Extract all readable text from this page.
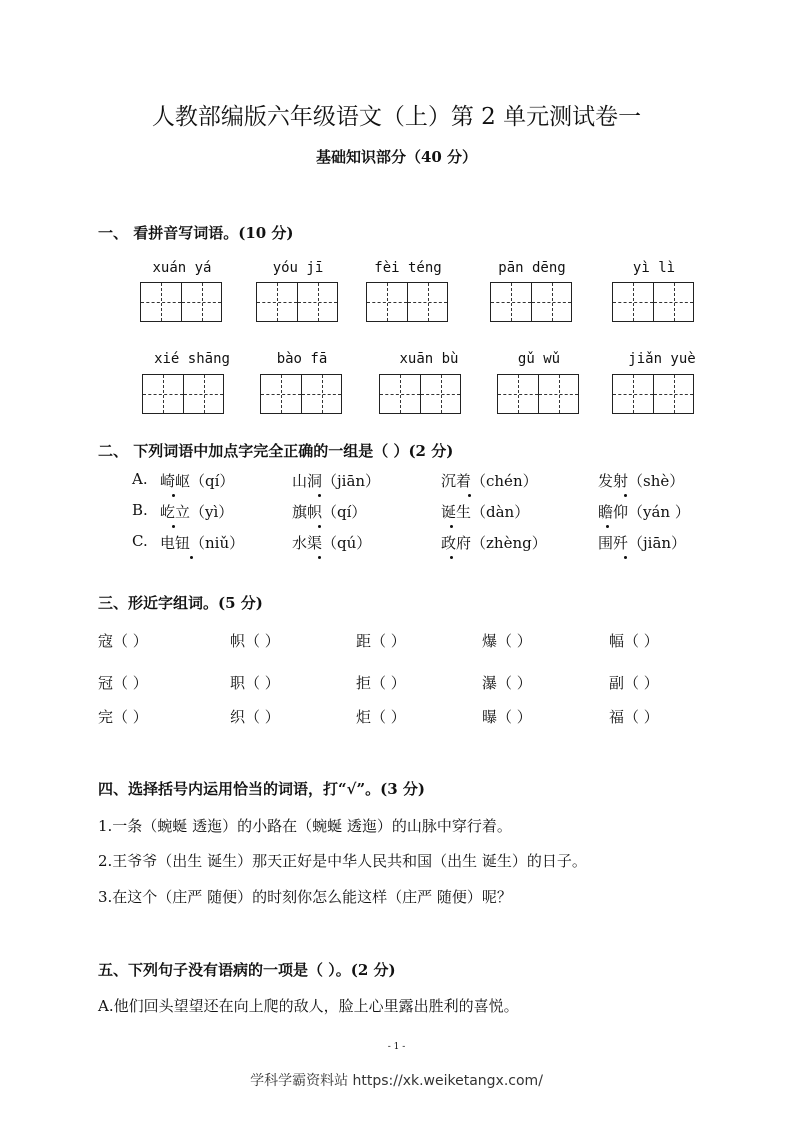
人教部编版六年级语文（上）第 2 单元测试卷一
基础知识部分（40 分）
一、 看拼音写词语。(10 分)
xuán yá	yóu jī	fèi téng	pān dēng	yì lì
xié shāng	bào fā	xuān bù	gǔ wǔ	jiǎn yuè
二、 下列词语中加点字完全正确的一组是（ ）(2 分)
A. 崎岖（qí）	山洞（jiān）	沉着（chén）	发射（shè）
B. 屹立（yì）	旗帜（qí）	诞生（dàn）	瞻仰（yán ）
C. 电钮（niǔ）	水渠（qú）	政府（zhèng）	围歼（jiān）
三、形近字组词。(5 分)
寇（ ）	帜（ ）	距（ ）	爆（ ）	幅（ ）
冠（ ）	职（ ）	拒（ ）	瀑（ ）	副（ ）
完（ ）	织（ ）	炬（ ）	曝（ ）	福（ ）
四、选择括号内运用恰当的词语，打“√”。(3 分)
1.一条（蜿蜒 透迤）的小路在（蜿蜒 透迤）的山脉中穿行着。
2.王爷爷（出生 诞生）那天正好是中华人民共和国（出生 诞生）的日子。
3.在这个（庄严 随便）的时刻你怎么能这样（庄严 随便）呢？
五、下列句子没有语病的一项是（ ）。(2 分)
A.他们回头望望还在向上爬的敌人，脸上心里露出胜利的喜悦。
- 1 -
学科学霸资料站 https://xk.weiketangx.com/
